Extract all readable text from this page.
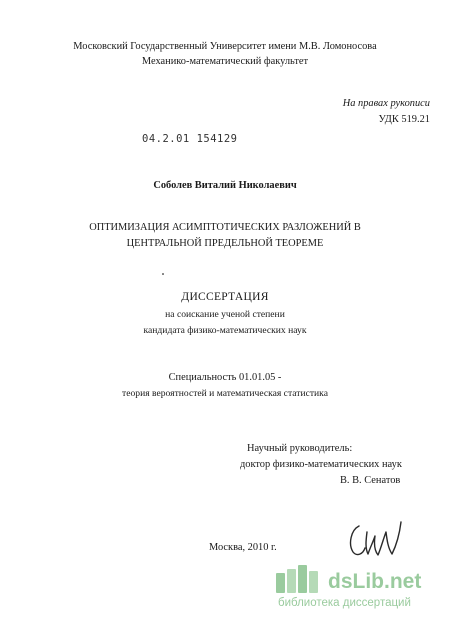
Московский Государственный Университет имени М.В. Ломоносова
Механико-математический факультет
На правах рукописи
УДК 519.21
04.2.01 154129
Соболев Виталий Николаевич
ОПТИМИЗАЦИЯ АСИМПТОТИЧЕСКИХ РАЗЛОЖЕНИЙ В
ЦЕНТРАЛЬНОЙ ПРЕДЕЛЬНОЙ ТЕОРЕМЕ
ДИССЕРТАЦИЯ
на соискание ученой степени
кандидата физико-математических наук
Специальность 01.01.05 -
теория вероятностей и математическая статистика
Научный руководитель:
доктор физико-математических наук
В. В. Сенатов
Москва, 2010 г.
dsLib.net
библиотека диссертаций
